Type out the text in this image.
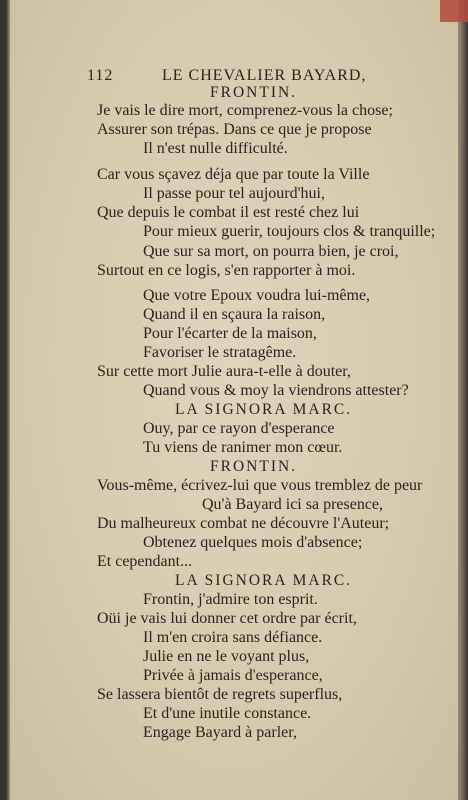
112	LE CHEVALIER BAYARD,
FRONTIN.
Je vais le dire mort, comprenez-vous la chose;
Assurer son trépas. Dans ce que je propose
Il n'est nulle difficulté.
Car vous sçavez déja que par toute la Ville
Il passe pour tel aujourd'hui,
Que depuis le combat il est resté chez lui
Pour mieux guerir, toujours clos & tranquille;
Que sur sa mort, on pourra bien, je croi,
Surtout en ce logis, s'en rapporter à moi.
Que votre Epoux voudra lui-même,
Quand il en sçaura la raison,
Pour l'écarter de la maison,
Favoriser le stratagême.
Sur cette mort Julie aura-t-elle à douter,
Quand vous & moy la viendrons attester?
LA SIGNORA MARC.
Ouy, par ce rayon d'esperance
Tu viens de ranimer mon cœur.
FRONTIN.
Vous-même, écrivez-lui que vous tremblez de peur
Qu'à Bayard ici sa presence,
Du malheureux combat ne découvre l'Auteur;
Obtenez quelques mois d'absence;
Et cependant...
LA SIGNORA MARC.
Frontin, j'admire ton esprit.
Oüi je vais lui donner cet ordre par écrit,
Il m'en croira sans défiance.
Julie en ne le voyant plus,
Privée à jamais d'esperance,
Se lassera bientôt de regrets superflus,
Et d'une inutile constance.
Engage Bayard à parler,
